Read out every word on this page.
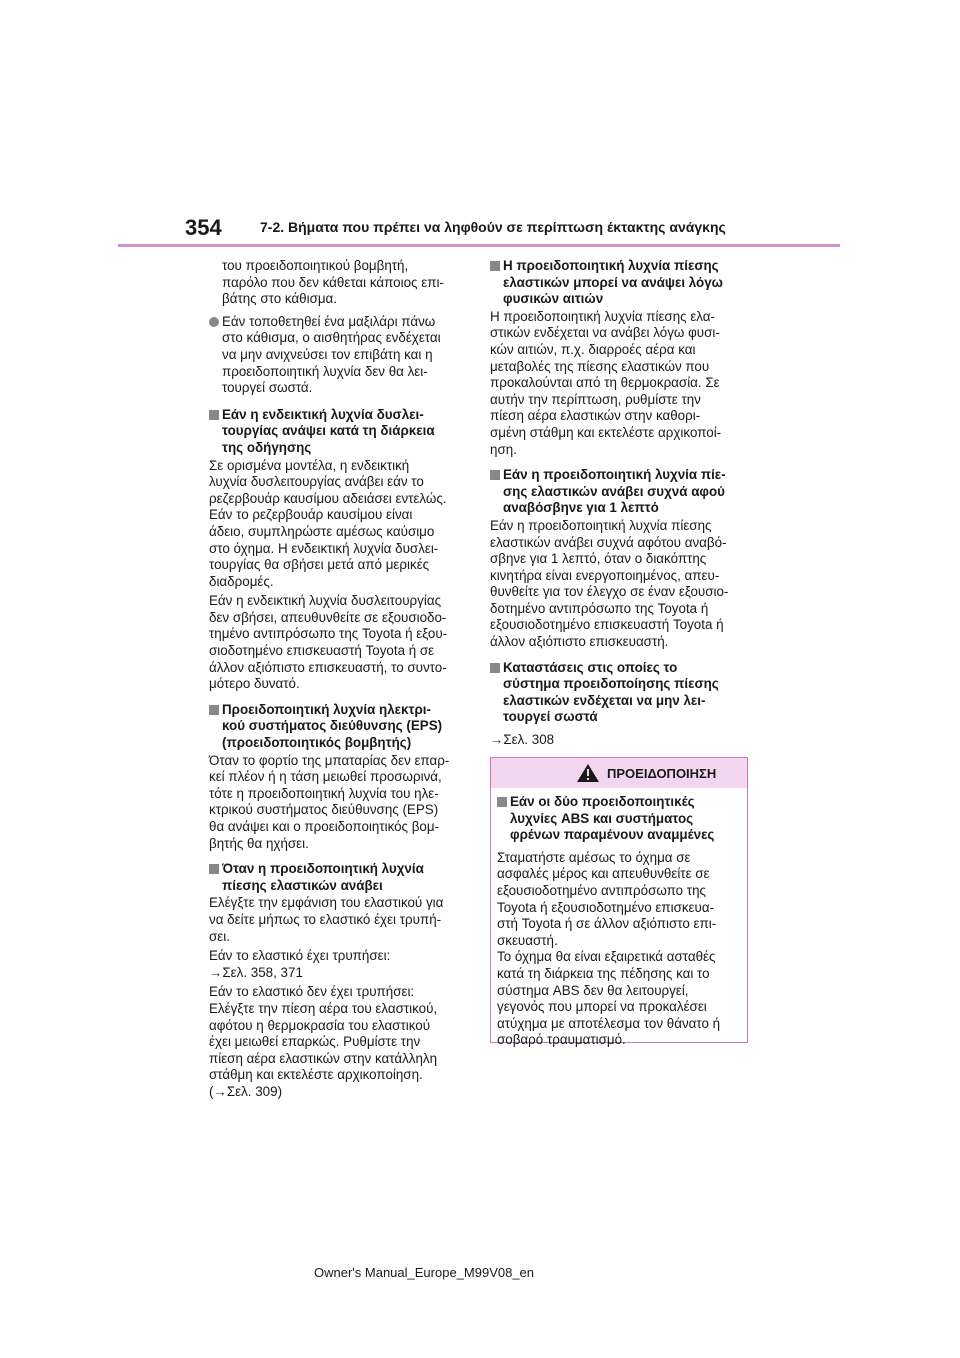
354	7-2. Βήματα που πρέπει να ληφθούν σε περίπτωση έκτακτης ανάγκης
του προειδοποιητικού βομβητή,
παρόλο που δεν κάθεται κάποιος επι-
βάτης στο κάθισμα.
Εάν τοποθετηθεί ένα μαξιλάρι πάνω
στο κάθισμα, ο αισθητήρας ενδέχεται
να μην ανιχνεύσει τον επιβάτη και η
προειδοποιητική λυχνία δεν θα λει-
τουργεί σωστά.
Εάν η ενδεικτική λυχνία δυσλει-
τουργίας ανάψει κατά τη διάρκεια
της οδήγησης
Σε ορισμένα μοντέλα, η ενδεικτική
λυχνία δυσλειτουργίας ανάβει εάν το
ρεζερβουάρ καυσίμου αδειάσει εντελώς.
Εάν το ρεζερβουάρ καυσίμου είναι
άδειο, συμπληρώστε αμέσως καύσιμο
στο όχημα. Η ενδεικτική λυχνία δυσλει-
τουργίας θα σβήσει μετά από μερικές
διαδρομές.
Εάν η ενδεικτική λυχνία δυσλειτουργίας
δεν σβήσει, απευθυνθείτε σε εξουσιοδο-
τημένο αντιπρόσωπο της Toyota ή εξου-
σιοδοτημένο επισκευαστή Toyota ή σε
άλλον αξιόπιστο επισκευαστή, το συντο-
μότερο δυνατό.
Προειδοποιητική λυχνία ηλεκτρι-
κού συστήματος διεύθυνσης (EPS)
(προειδοποιητικός βομβητής)
Όταν το φορτίο της μπαταρίας δεν επαρ-
κεί πλέον ή η τάση μειωθεί προσωρινά,
τότε η προειδοποιητική λυχνία του ηλε-
κτρικού συστήματος διεύθυνσης (EPS)
θα ανάψει και ο προειδοποιητικός βομ-
βητής θα ηχήσει.
Όταν η προειδοποιητική λυχνία
πίεσης ελαστικών ανάβει
Ελέγξτε την εμφάνιση του ελαστικού για
να δείτε μήπως το ελαστικό έχει τρυπή-
σει.
Εάν το ελαστικό έχει τρυπήσει:
→Σελ. 358, 371
Εάν το ελαστικό δεν έχει τρυπήσει:
Ελέγξτε την πίεση αέρα του ελαστικού,
αφότου η θερμοκρασία του ελαστικού
έχει μειωθεί επαρκώς. Ρυθμίστε την
πίεση αέρα ελαστικών στην κατάλληλη
στάθμη και εκτελέστε αρχικοποίηση.
(→Σελ. 309)
Η προειδοποιητική λυχνία πίεσης
ελαστικών μπορεί να ανάψει λόγω
φυσικών αιτιών
Η προειδοποιητική λυχνία πίεσης ελα-
στικών ενδέχεται να ανάβει λόγω φυσι-
κών αιτιών, π.χ. διαρροές αέρα και
μεταβολές της πίεσης ελαστικών που
προκαλούνται από τη θερμοκρασία. Σε
αυτήν την περίπτωση, ρυθμίστε την
πίεση αέρα ελαστικών στην καθορι-
σμένη στάθμη και εκτελέστε αρχικοποί-
ηση.
Εάν η προειδοποιητική λυχνία πίε-
σης ελαστικών ανάβει συχνά αφού
αναβόσβηνε για 1 λεπτό
Εάν η προειδοποιητική λυχνία πίεσης
ελαστικών ανάβει συχνά αφότου αναβό-
σβηνε για 1 λεπτό, όταν ο διακόπτης
κινητήρα είναι ενεργοποιημένος, απευ-
θυνθείτε για τον έλεγχο σε έναν εξουσιο-
δοτημένο αντιπρόσωπο της Toyota ή
εξουσιοδοτημένο επισκευαστή Toyota ή
άλλον αξιόπιστο επισκευαστή.
Καταστάσεις στις οποίες το
σύστημα προειδοποίησης πίεσης
ελαστικών ενδέχεται να μην λει-
τουργεί σωστά
→Σελ. 308
ΠΡΟΕΙΔΟΠΟΙΗΣΗ
Εάν οι δύο προειδοποιητικές
λυχνίες ABS και συστήματος
φρένων παραμένουν αναμμένες
Σταματήστε αμέσως το όχημα σε
ασφαλές μέρος και απευθυνθείτε σε
εξουσιοδοτημένο αντιπρόσωπο της
Toyota ή εξουσιοδοτημένο επισκευα-
στή Toyota ή σε άλλον αξιόπιστο επι-
σκευαστή.
Το όχημα θα είναι εξαιρετικά ασταθές
κατά τη διάρκεια της πέδησης και το
σύστημα ABS δεν θα λειτουργεί,
γεγονός που μπορεί να προκαλέσει
ατύχημα με αποτέλεσμα τον θάνατο ή
σοβαρό τραυματισμό.
Owner's Manual_Europe_M99V08_en
